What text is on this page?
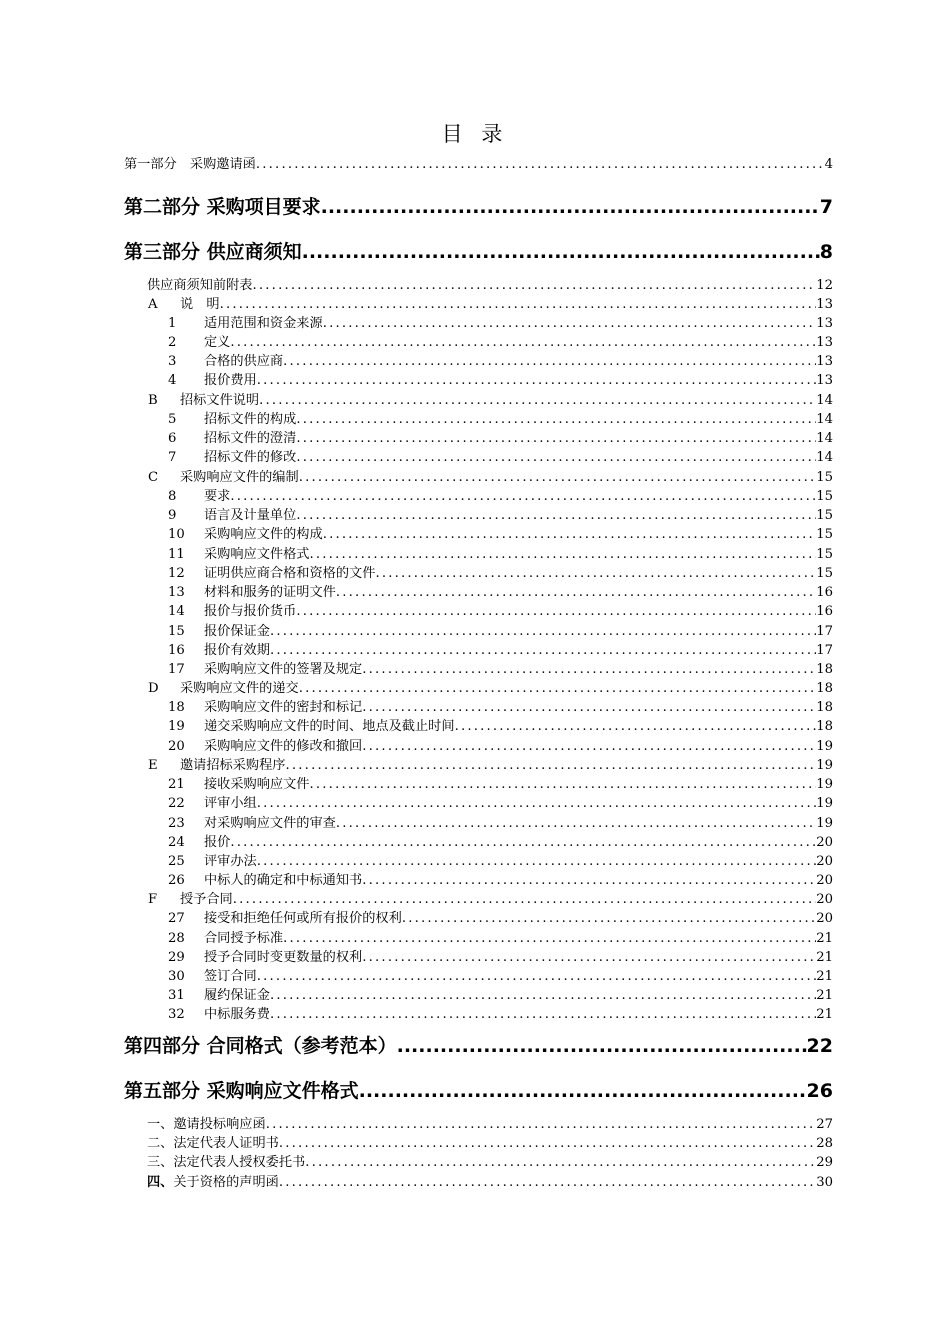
目 录
第一部分　采购邀请函 .....	4
第二部分 采购项目要求 .....	7
第三部分 供应商须知 .....	8
供应商须知前附表 .....	12
A	说　明 .....	13
1	适用范围和资金来源 .....	13
2	定义 .....	13
3	合格的供应商 .....	13
4	报价费用 .....	13
B	招标文件说明 .....	14
5	招标文件的构成 .....	14
6	招标文件的澄清 .....	14
7	招标文件的修改 .....	14
C	采购响应文件的编制 .....	15
8	要求 .....	15
9	语言及计量单位 .....	15
10	采购响应文件的构成 .....	15
11	采购响应文件格式 .....	15
12	证明供应商合格和资格的文件 .....	15
13	材料和服务的证明文件 .....	16
14	报价与报价货币 .....	16
15	报价保证金 .....	17
16	报价有效期 .....	17
17	采购响应文件的签署及规定 .....	18
D	采购响应文件的递交 .....	18
18	采购响应文件的密封和标记 .....	18
19	递交采购响应文件的时间、地点及截止时间 .....	18
20	采购响应文件的修改和撤回 .....	19
E	邀请招标采购程序 .....	19
21	接收采购响应文件 .....	19
22	评审小组 .....	19
23	对采购响应文件的审查 .....	19
24	报价 .....	20
25	评审办法 .....	20
26	中标人的确定和中标通知书 .....	20
F	授予合同 .....	20
27	接受和拒绝任何或所有报价的权利 .....	20
28	合同授予标准 .....	21
29	授予合同时变更数量的权利 .....	21
30	签订合同 .....	21
31	履约保证金 .....	21
32	中标服务费 .....	21
第四部分 合同格式（参考范本） .....	22
第五部分 采购响应文件格式 .....	26
一、邀请投标响应函 .....	27
二、法定代表人证明书 .....	28
三、法定代表人授权委托书 .....	29
四、 关于资格的声明函 .....	30
